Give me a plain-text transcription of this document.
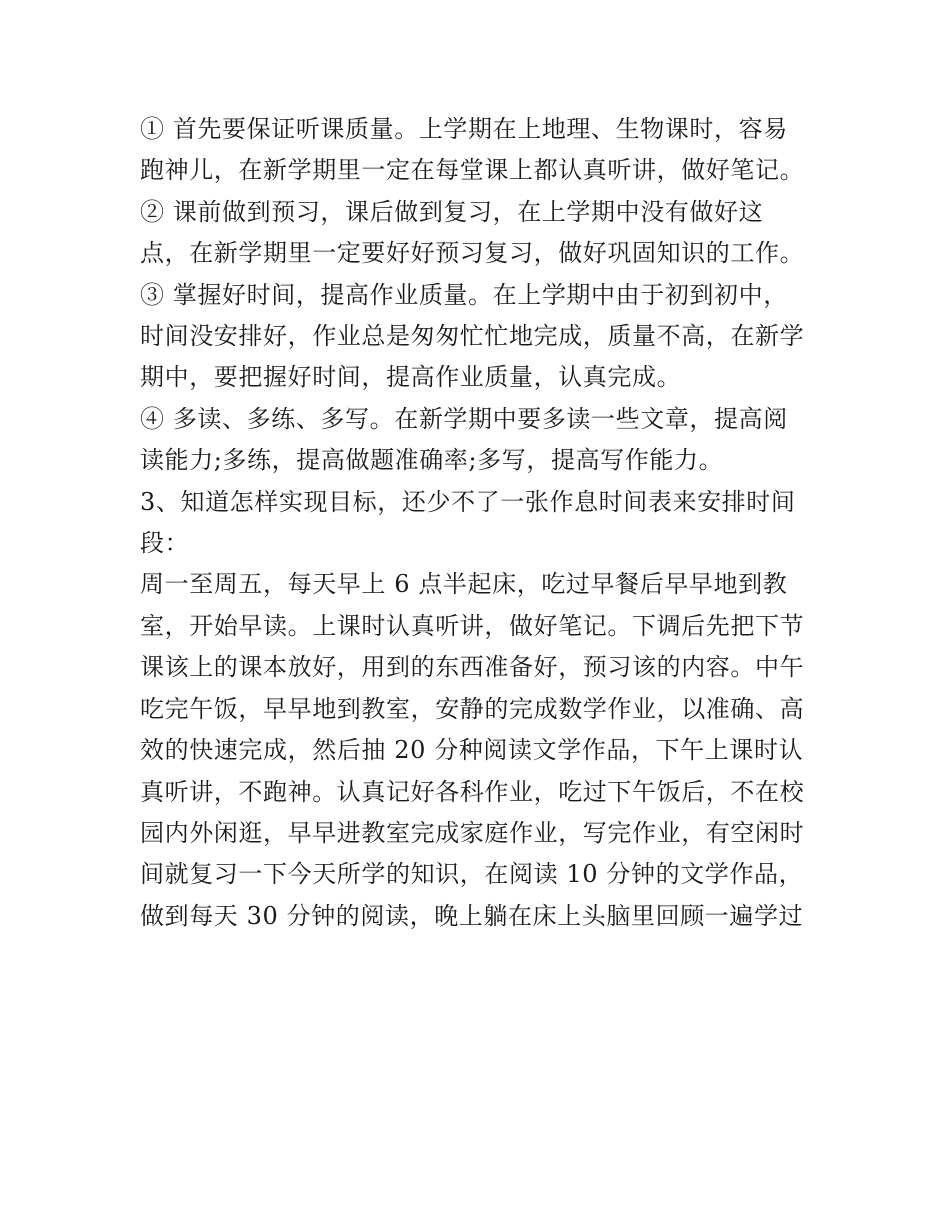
① 首先要保证听课质量。上学期在上地理、生物课时，容易
跑神儿，在新学期里一定在每堂课上都认真听讲，做好笔记。
② 课前做到预习，课后做到复习，在上学期中没有做好这
点，在新学期里一定要好好预习复习，做好巩固知识的工作。
③ 掌握好时间，提高作业质量。在上学期中由于初到初中，
时间没安排好，作业总是匆匆忙忙地完成，质量不高，在新学
期中，要把握好时间，提高作业质量，认真完成。
④ 多读、多练、多写。在新学期中要多读一些文章，提高阅
读能力;多练，提高做题准确率;多写，提高写作能力。
3、知道怎样实现目标，还少不了一张作息时间表来安排时间
段：
周一至周五，每天早上 6 点半起床，吃过早餐后早早地到教
室，开始早读。上课时认真听讲，做好笔记。下调后先把下节
课该上的课本放好，用到的东西准备好，预习该的内容。中午
吃完午饭，早早地到教室，安静的完成数学作业，以准确、高
效的快速完成，然后抽 20 分种阅读文学作品，下午上课时认
真听讲，不跑神。认真记好各科作业，吃过下午饭后，不在校
园内外闲逛，早早进教室完成家庭作业，写完作业，有空闲时
间就复习一下今天所学的知识，在阅读 10 分钟的文学作品，
做到每天 30 分钟的阅读，晚上躺在床上头脑里回顾一遍学过
